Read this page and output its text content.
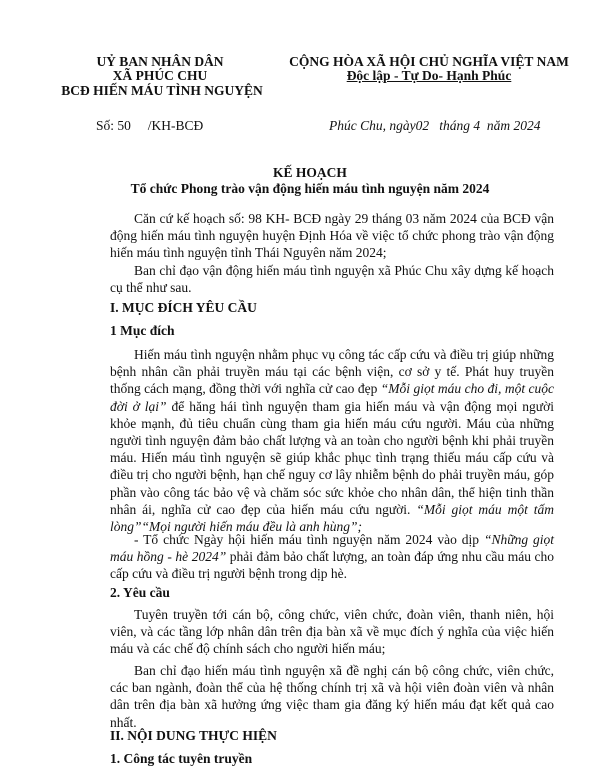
UỶ BAN NHÂN DÂN
XÃ PHÚC CHU
BCĐ HIẾN MÁU TÌNH NGUYỆN
CỘNG HÒA XÃ HỘI CHỦ NGHĨA VIỆT NAM
Độc lập - Tự Do- Hạnh Phúc
Số: 50     /KH-BCĐ	Phúc Chu, ngày02   tháng 4  năm 2024
KẾ HOẠCH
Tổ chức Phong trào vận động hiến máu tình nguyện năm 2024
Căn cứ kế hoạch số: 98 KH- BCĐ ngày 29 tháng 03 năm 2024 của BCĐ vận động hiến máu tình nguyện huyện Định Hóa về việc tổ chức phong trào vận động hiến máu tình nguyện tỉnh Thái Nguyên năm 2024;
Ban chỉ đạo vận động hiến máu tình nguyện xã Phúc Chu xây dựng kế hoạch cụ thể như sau.
I. MỤC ĐÍCH YÊU CẦU
1 Mục đích
Hiến máu tình nguyện nhằm phục vụ công tác cấp cứu và điều trị giúp những bệnh nhân cần phải truyền máu tại các bệnh viện, cơ sở y tế. Phát huy truyền thống cách mạng, đồng thời với nghĩa cử cao đẹp “Mỗi giọt máu cho đi, một cuộc đời ở lại” để hăng hái tình nguyện tham gia hiến máu và vận động mọi người khỏe mạnh, đủ tiêu chuẩn cùng tham gia hiến máu cứu người. Máu của những người tình nguyện đảm bảo chất lượng và an toàn cho người bệnh khi phải truyền máu. Hiến máu tình nguyện sẽ giúp khắc phục tình trạng thiếu máu cấp cứu và điều trị cho người bệnh, hạn chế nguy cơ lây nhiễm bệnh do phải truyền máu, góp phần vào công tác bảo vệ và chăm sóc sức khỏe cho nhân dân, thể hiện tinh thần nhân ái, nghĩa cử cao đẹp của hiến máu cứu người. “Mỗi giọt máu một tấm lòng”“Mọi người hiến máu đều là anh hùng”;
- Tổ chức Ngày hội hiến máu tình nguyện năm 2024 vào dịp “Những giọt máu hồng - hè 2024” phải đảm bảo chất lượng, an toàn đáp ứng nhu cầu máu cho cấp cứu và điều trị người bệnh trong dịp hè.
2. Yêu cầu
Tuyên truyền tới cán bộ, công chức, viên chức, đoàn viên, thanh niên, hội viên, và các tầng lớp nhân dân trên địa bàn xã về mục đích ý nghĩa của việc hiến máu và các chế độ chính sách cho người hiến máu;
Ban chỉ đạo hiến máu tình nguyện xã đề nghị cán bộ công chức, viên chức, các ban ngành, đoàn thể của hệ thống chính trị xã và hội viên đoàn viên và nhân dân trên địa bàn xã hưởng ứng việc tham gia đăng ký hiến máu đạt kết quả cao nhất.
II. NỘI DUNG THỰC HIỆN
1. Công tác tuyên truyền
